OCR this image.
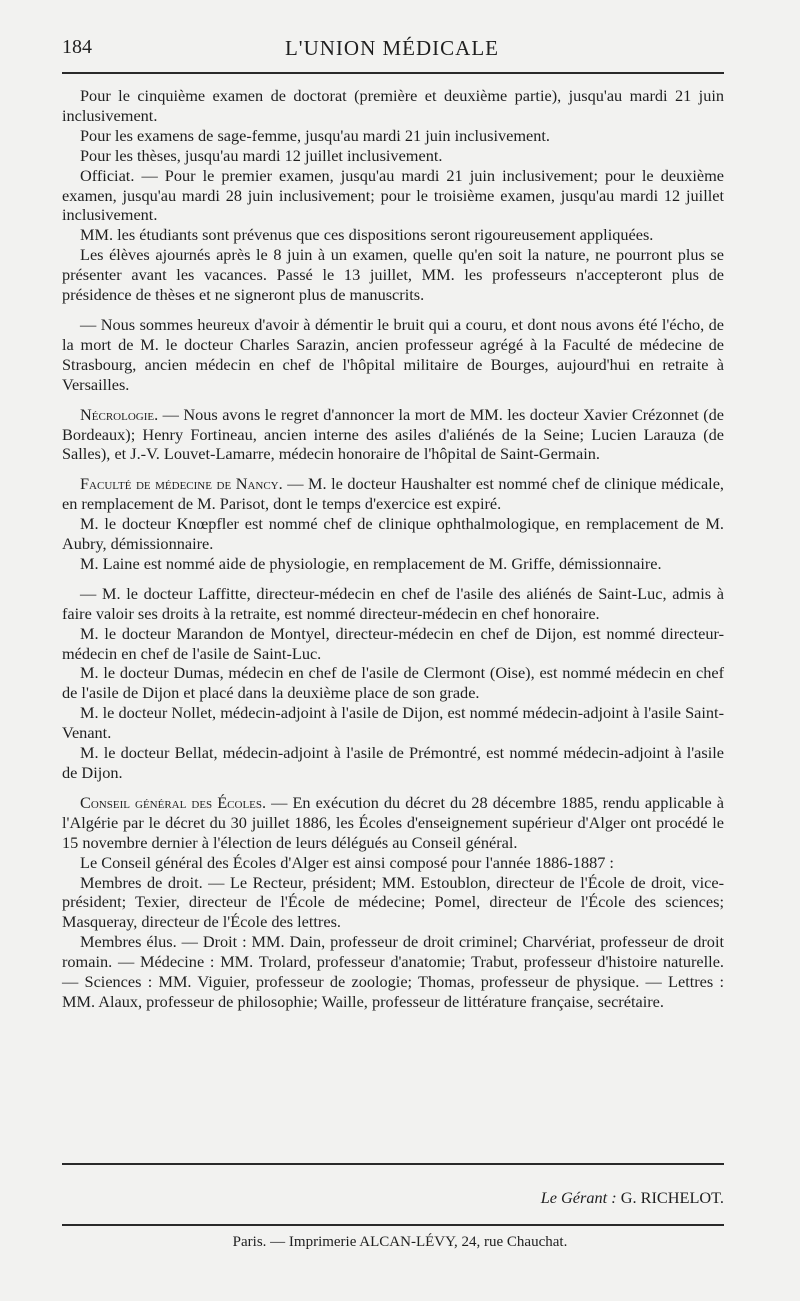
184	L'UNION MÉDICALE

Pour le cinquième examen de doctorat (première et deuxième partie), jusqu'au mardi 21 juin inclusivement.

Pour les examens de sage-femme, jusqu'au mardi 21 juin inclusivement.

Pour les thèses, jusqu'au mardi 12 juillet inclusivement.

Officiat. — Pour le premier examen, jusqu'au mardi 21 juin inclusivement; pour le deuxième examen, jusqu'au mardi 28 juin inclusivement; pour le troisième examen, jusqu'au mardi 12 juillet inclusivement.

MM. les étudiants sont prévenus que ces dispositions seront rigoureusement appliquées.

Les élèves ajournés après le 8 juin à un examen, quelle qu'en soit la nature, ne pourront plus se présenter avant les vacances. Passé le 13 juillet, MM. les professeurs n'accepteront plus de présidence de thèses et ne signeront plus de manuscrits.

— Nous sommes heureux d'avoir à démentir le bruit qui a couru, et dont nous avons été l'écho, de la mort de M. le docteur Charles Sarazin, ancien professeur agrégé à la Faculté de médecine de Strasbourg, ancien médecin en chef de l'hôpital militaire de Bourges, aujourd'hui en retraite à Versailles.

Nécrologie. — Nous avons le regret d'annoncer la mort de MM. les docteur Xavier Crézonnet (de Bordeaux); Henry Fortineau, ancien interne des asiles d'aliénés de la Seine; Lucien Larauza (de Salles), et J.-V. Louvet-Lamarre, médecin honoraire de l'hôpital de Saint-Germain.

Faculté de médecine de Nancy. — M. le docteur Haushalter est nommé chef de clinique médicale, en remplacement de M. Parisot, dont le temps d'exercice est expiré.

M. le docteur Knœpfler est nommé chef de clinique ophthalmologique, en remplacement de M. Aubry, démissionnaire.

M. Laine est nommé aide de physiologie, en remplacement de M. Griffe, démissionnaire.

— M. le docteur Laffitte, directeur-médecin en chef de l'asile des aliénés de Saint-Luc, admis à faire valoir ses droits à la retraite, est nommé directeur-médecin en chef honoraire.

M. le docteur Marandon de Montyel, directeur-médecin en chef de Dijon, est nommé directeur-médecin en chef de l'asile de Saint-Luc.

M. le docteur Dumas, médecin en chef de l'asile de Clermont (Oise), est nommé médecin en chef de l'asile de Dijon et placé dans la deuxième place de son grade.

M. le docteur Nollet, médecin-adjoint à l'asile de Dijon, est nommé médecin-adjoint à l'asile Saint-Venant.

M. le docteur Bellat, médecin-adjoint à l'asile de Prémontré, est nommé médecin-adjoint à l'asile de Dijon.

Conseil général des Écoles. — En exécution du décret du 28 décembre 1885, rendu applicable à l'Algérie par le décret du 30 juillet 1886, les Écoles d'enseignement supérieur d'Alger ont procédé le 15 novembre dernier à l'élection de leurs délégués au Conseil général.

Le Conseil général des Écoles d'Alger est ainsi composé pour l'année 1886-1887 :

Membres de droit. — Le Recteur, président; MM. Estoublon, directeur de l'École de droit, vice-président; Texier, directeur de l'École de médecine; Pomel, directeur de l'École des sciences; Masqueray, directeur de l'École des lettres.

Membres élus. — Droit : MM. Dain, professeur de droit criminel; Charvériat, professeur de droit romain. — Médecine : MM. Trolard, professeur d'anatomie; Trabut, professeur d'histoire naturelle. — Sciences : MM. Viguier, professeur de zoologie; Thomas, professeur de physique. — Lettres : MM. Alaux, professeur de philosophie; Waille, professeur de littérature française, secrétaire.

Le Gérant : G. RICHELOT.
Paris. — Imprimerie ALCAN-LÉVY, 24, rue Chauchat.
